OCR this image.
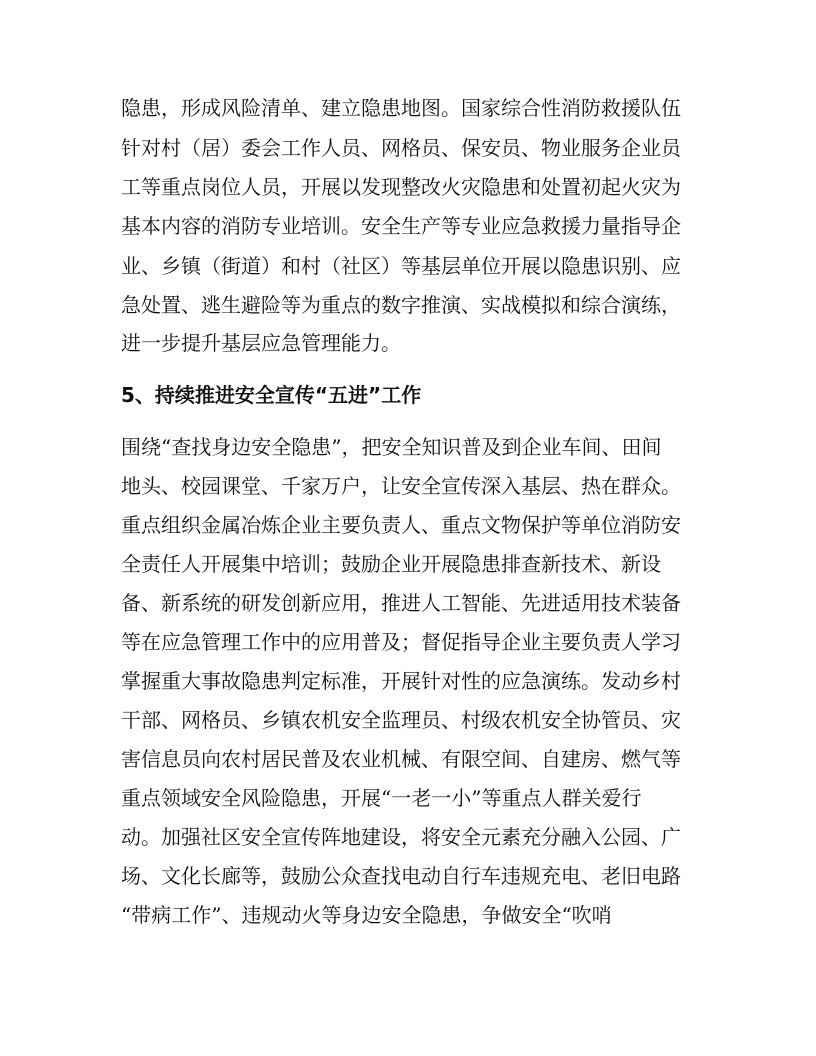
隐患，形成风险清单、建立隐患地图。国家综合性消防救援队伍
针对村（居）委会工作人员、网格员、保安员、物业服务企业员
工等重点岗位人员，开展以发现整改火灾隐患和处置初起火灾为
基本内容的消防专业培训。安全生产等专业应急救援力量指导企
业、乡镇（街道）和村（社区）等基层单位开展以隐患识别、应
急处置、逃生避险等为重点的数字推演、实战模拟和综合演练，
进一步提升基层应急管理能力。
5、持续推进安全宣传“五进”工作
围绕“查找身边安全隐患”，把安全知识普及到企业车间、田间
地头、校园课堂、千家万户，让安全宣传深入基层、热在群众。
重点组织金属冶炼企业主要负责人、重点文物保护等单位消防安
全责任人开展集中培训；鼓励企业开展隐患排查新技术、新设
备、新系统的研发创新应用，推进人工智能、先进适用技术装备
等在应急管理工作中的应用普及；督促指导企业主要负责人学习
掌握重大事故隐患判定标准，开展针对性的应急演练。发动乡村
干部、网格员、乡镇农机安全监理员、村级农机安全协管员、灾
害信息员向农村居民普及农业机械、有限空间、自建房、燃气等
重点领域安全风险隐患，开展“一老一小”等重点人群关爱行
动。加强社区安全宣传阵地建设，将安全元素充分融入公园、广
场、文化长廊等，鼓励公众查找电动自行车违规充电、老旧电路
“带病工作”、违规动火等身边安全隐患，争做安全“吹哨
